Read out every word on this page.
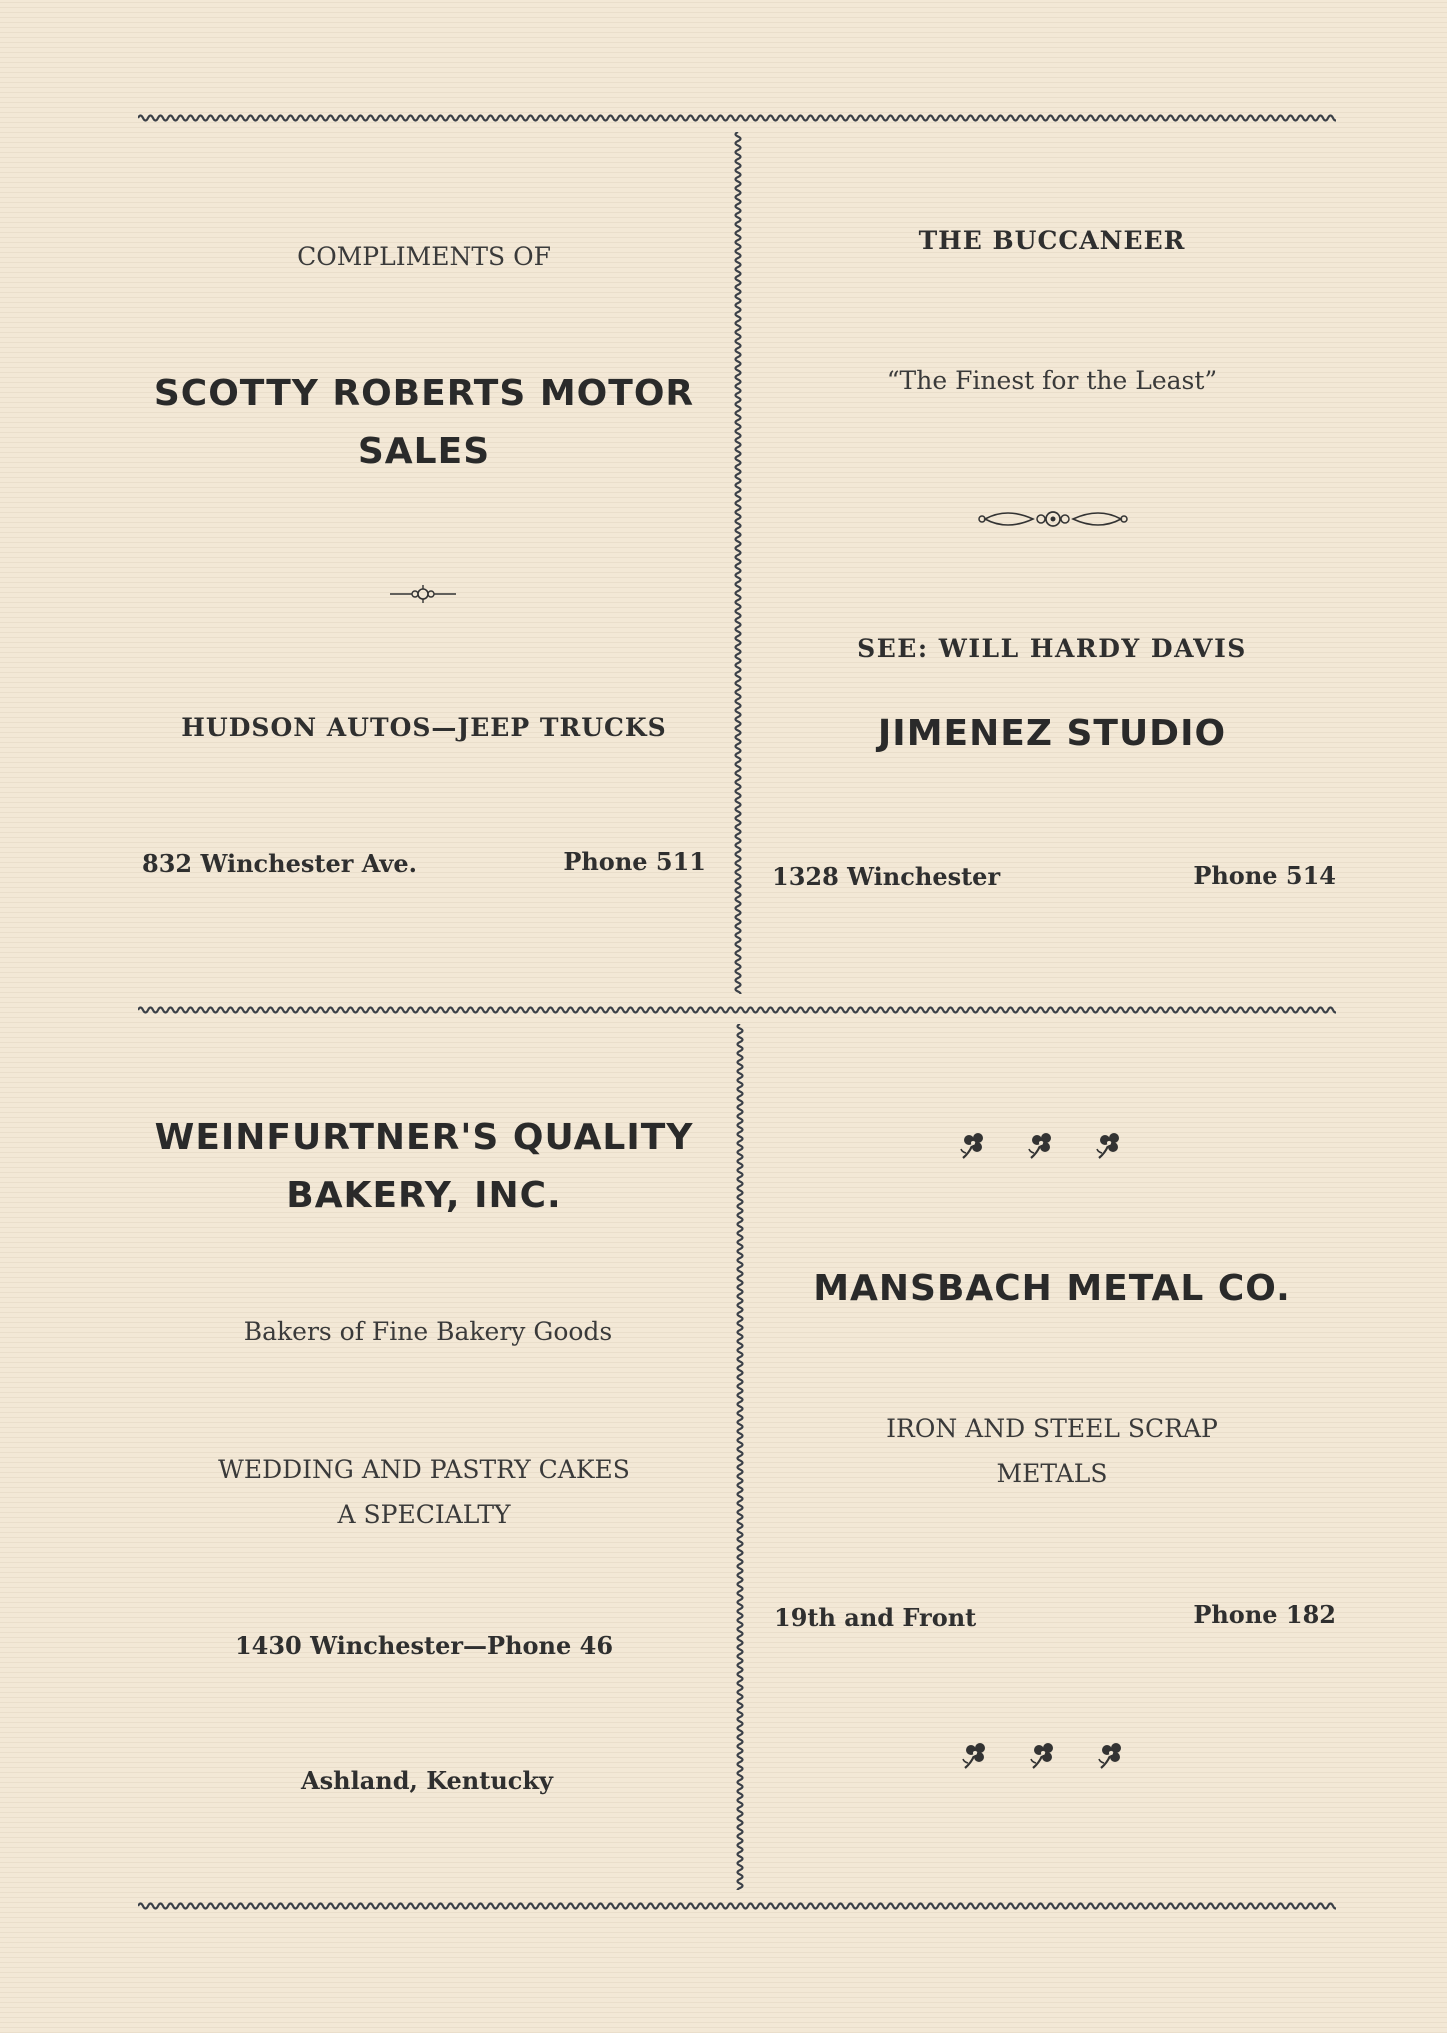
COMPLIMENTS OF
SCOTTY ROBERTS MOTOR
SALES
HUDSON AUTOS—JEEP TRUCKS
832 Winchester Ave.	Phone 511
THE BUCCANEER
“The Finest for the Least”
SEE: WILL HARDY DAVIS
JIMENEZ STUDIO
1328 Winchester	Phone 514
WEINFURTNER'S QUALITY
BAKERY, INC.
Bakers of Fine Bakery Goods
WEDDING AND PASTRY CAKES
A SPECIALTY
1430 Winchester—Phone 46
Ashland, Kentucky
MANSBACH METAL CO.
IRON AND STEEL SCRAP
METALS
19th and Front	Phone 182
